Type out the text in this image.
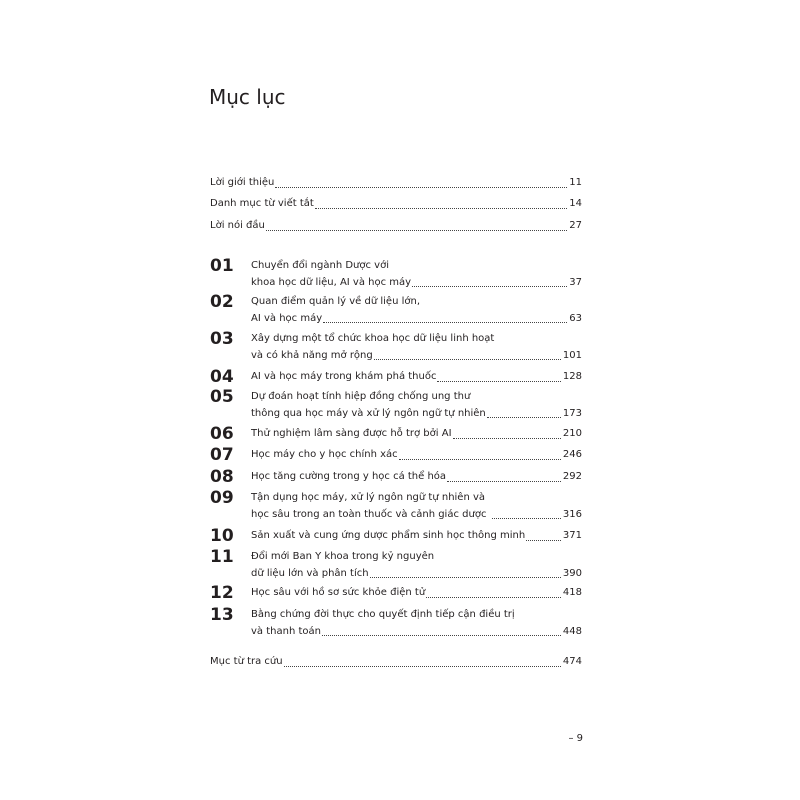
Mục lục
Lời giới thiệu	11
Danh mục từ viết tắt	14
Lời nói đầu	27
01 Chuyển đổi ngành Dược với
khoa học dữ liệu, AI và học máy	37
02 Quan điểm quản lý về dữ liệu lớn,
AI và học máy	63
03 Xây dựng một tổ chức khoa học dữ liệu linh hoạt
và có khả năng mở rộng	101
04 AI và học máy trong khám phá thuốc	128
05 Dự đoán hoạt tính hiệp đồng chống ung thư
thông qua học máy và xử lý ngôn ngữ tự nhiên	173
06 Thử nghiệm lâm sàng được hỗ trợ bởi AI	210
07 Học máy cho y học chính xác	246
08 Học tăng cường trong y học cá thể hóa	292
09 Tận dụng học máy, xử lý ngôn ngữ tự nhiên và
học sâu trong an toàn thuốc và cảnh giác dược	316
10 Sản xuất và cung ứng dược phẩm sinh học thông minh	371
11 Đổi mới Ban Y khoa trong kỷ nguyên
dữ liệu lớn và phân tích	390
12 Học sâu với hồ sơ sức khỏe điện tử	418
13 Bằng chứng đời thực cho quyết định tiếp cận điều trị
và thanh toán	448
Mục từ tra cứu	474
– 9
